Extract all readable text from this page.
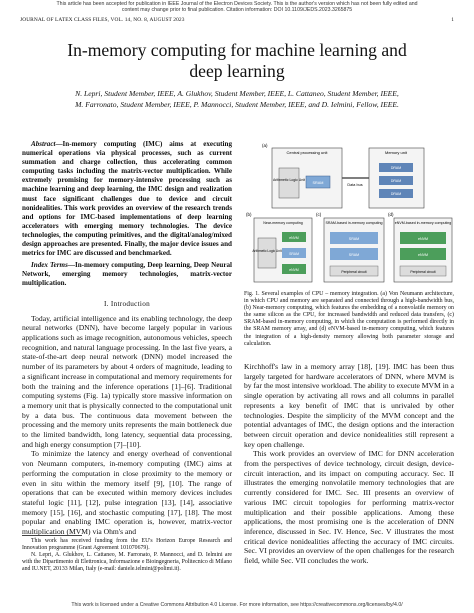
This article has been accepted for publication in IEEE Journal of the Electron Devices Society. This is the author's version which has not been fully edited and
content may change prior to final publication. Citation information: DOI 10.1109/JEDS.2023.3265875
JOURNAL OF LATEX CLASS FILES, VOL. 14, NO. 8, AUGUST 2023	1
In-memory computing for machine learning and
deep learning
N. Lepri, Student Member, IEEE, A. Glukhov, Student Member, IEEE, L. Cattaneo, Student Member, IEEE,
M. Farronato, Student Member, IEEE, P. Mannocci, Student Member, IEEE, and D. Ielmini, Fellow, IEEE.

Abstract—In-memory computing (IMC) aims at executing numerical operations via physical processes, such as current summation and charge collection, thus accelerating common computing tasks including the matrix-vector multiplication. While extremely promising for memory-intensive processing such as machine learning and deep learning, the IMC design and realization must face significant challenges due to device and circuit nonidealities. This work provides an overview of the research trends and options for IMC-based implementations of deep learning accelerators with emerging memory technologies. The device technologies, the computing primitives, and the digital/analog/mixed design approaches are presented. Finally, the major device issues and metrics for IMC are discussed and benchmarked.

Index Terms—In-memory computing, Deep learning, Deep Neural Network, emerging memory technologies, matrix-vector multiplication.

I. Introduction

Today, artificial intelligence and its enabling technology, the deep neural networks (DNN), have become largely popular in various applications such as image recognition, autonomous vehicles, speech recognition, and natural language processing. In the last five years, a state-of-the-art deep neural network (DNN) model increased the number of its parameters by about 4 orders of magnitude, leading to a significant increase in computational and memory requirements for both the training and the inference operations [1]–[6]. Traditional computing systems (Fig. 1a) typically store massive information on a memory unit that is physically connected to the computational unit by a data bus. The continuous data movement between the processing and the memory units represents the main bottleneck due to the limited bandwidth, long latency, sequential data processing, and high energy consumption [7]–[10].

To minimize the latency and energy overhead of conventional von Neumann computers, in-memory computing (IMC) aims at performing the computation in close proximity to the memory or even in situ within the memory itself [9], [10]. The range of operations that can be executed within memory devices includes stateful logic [11], [12], pulse integration [13], [14], associative memory [15], [16], and stochastic computing [17], [18]. The most popular and enabling IMC operation is, however, matrix-vector multiplication (MVM) via Ohm's and

This work has received funding from the EU's Horizon Europe Research and Innovation programme (Grant Agreement 101070679).

N. Lepri, A. Glukhov, L. Cattaneo, M. Farronato, P. Mannocci, and D. Ielmini are with the Dipartimento di Elettronica, Informazione e Bioingegneria, Politecnico di Milano and IU.NET, 20133 Milan, Italy (e-mail: daniele.ielmini@polimi.it).

(a)
Central processing unit
Arithmetic Logic Unit
SRAM	Data bus
Memory unit
DRAM
DRAM
DRAM
(b)
Near-memory computing
Arithmetic Logic Unit
eNVM
SRAM
eNVM
(c)
SRAM-based in-memory computing
SRAM
SRAM
Peripheral circuit
(d)
eNVM-based in-memory computing
eNVM
eNVM
Peripheral circuit
Fig. 1. Several examples of CPU – memory integration. (a) Von Neumann architecture, in which CPU and memory are separated and connected through a high-bandwidth bus, (b) Near-memory computing, which features the embedding of a nonvolatile memory on the same silicon as the CPU, for increased bandwidth and reduced data transfers, (c) SRAM-based in-memory computing, in which the computation is performed directly in the SRAM memory array, and (d) eNVM-based in-memory computing, which features the integration of a high-density memory allowing both parameter storage and calculation.

Kirchhoff's law in a memory array [18], [19]. IMC has been thus largely targeted for hardware accelerators of DNN, where MVM is by far the most intensive workload. The ability to execute MVM in a single operation by activating all rows and all columns in parallel represents a key benefit of IMC that is unrivaled by other technologies. Despite the simplicity of the MVM concept and the potential advantages of IMC, the design options and the interaction between circuit operation and device nonidealities still represent a key open challenge.

This work provides an overview of IMC for DNN acceleration from the perspectives of device technology, circuit design, device-circuit interaction, and its impact on computing accuracy. Sec. II illustrates the emerging nonvolatile memory technologies that are currently considered for IMC. Sec. III presents an overview of various IMC circuit topologies for performing matrix-vector multiplication and their possible applications. Among these applications, the most promising one is the acceleration of DNN inference, discussed in Sec. IV. Hence, Sec. V illustrates the most critical device nonidealities affecting the accuracy of IMC circuits. Sec. VI provides an overview of the open challenges for the research field, while Sec. VII concludes the work.

This work is licensed under a Creative Commons Attribution 4.0 License. For more information, see https://creativecommons.org/licenses/by/4.0/
